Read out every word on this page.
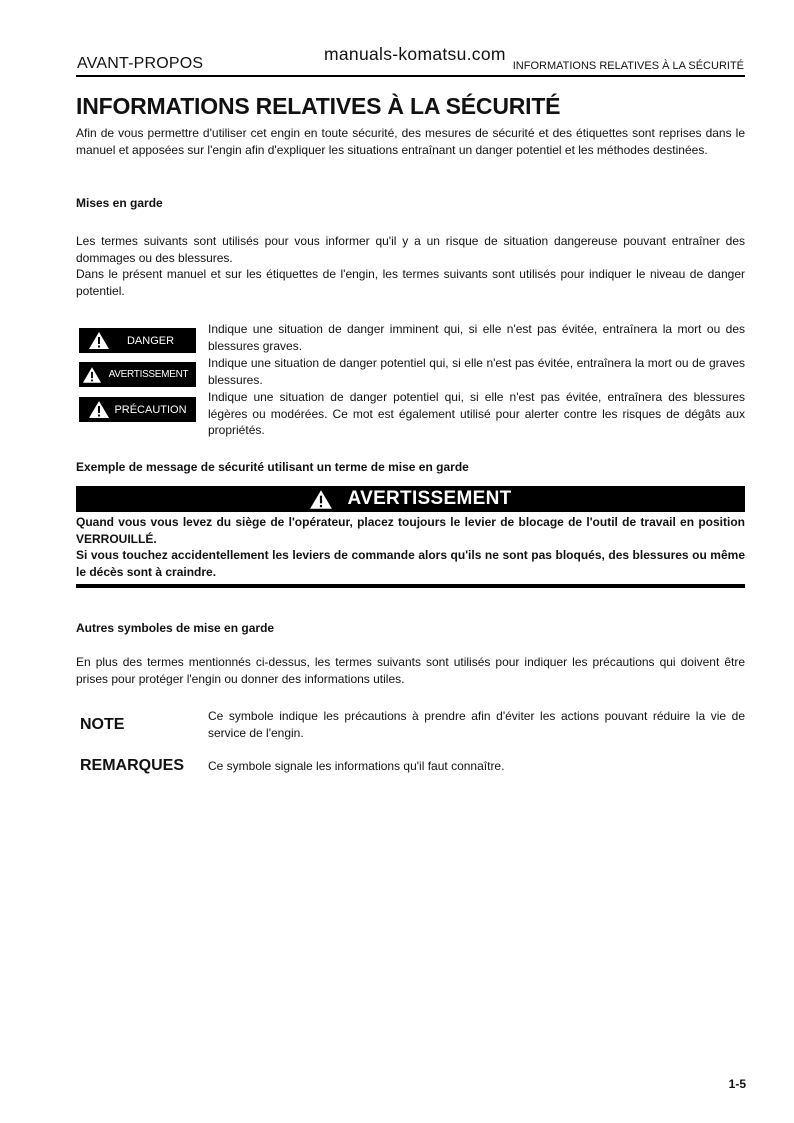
AVANT-PROPOS	manuals-komatsu.com
INFORMATIONS RELATIVES À LA SÉCURITÉ
INFORMATIONS RELATIVES À LA SÉCURITÉ
Afin de vous permettre d'utiliser cet engin en toute sécurité, des mesures de sécurité et des étiquettes sont reprises dans le manuel et apposées sur l'engin afin d'expliquer les situations entraînant un danger potentiel et les méthodes destinées.
Mises en garde
Les termes suivants sont utilisés pour vous informer qu'il y a un risque de situation dangereuse pouvant entraîner des dommages ou des blessures.
Dans le présent manuel et sur les étiquettes de l'engin, les termes suivants sont utilisés pour indiquer le niveau de danger potentiel.
DANGER
AVERTISSEMENT
PRÉCAUTION
Indique une situation de danger imminent qui, si elle n'est pas évitée, entraînera la mort ou des blessures graves.
Indique une situation de danger potentiel qui, si elle n'est pas évitée, entraînera la mort ou de graves blessures.
Indique une situation de danger potentiel qui, si elle n'est pas évitée, entraînera des blessures légères ou modérées. Ce mot est également utilisé pour alerter contre les risques de dégâts aux propriétés.
Exemple de message de sécurité utilisant un terme de mise en garde
AVERTISSEMENT
Quand vous vous levez du siège de l'opérateur, placez toujours le levier de blocage de l'outil de travail en position VERROUILLÉ.
Si vous touchez accidentellement les leviers de commande alors qu'ils ne sont pas bloqués, des blessures ou même le décès sont à craindre.
Autres symboles de mise en garde
En plus des termes mentionnés ci-dessus, les termes suivants sont utilisés pour indiquer les précautions qui doivent être prises pour protéger l'engin ou donner des informations utiles.
NOTE	Ce symbole indique les précautions à prendre afin d'éviter les actions pouvant réduire la vie de service de l'engin.
REMARQUES Ce symbole signale les informations qu'il faut connaître.
1-5
